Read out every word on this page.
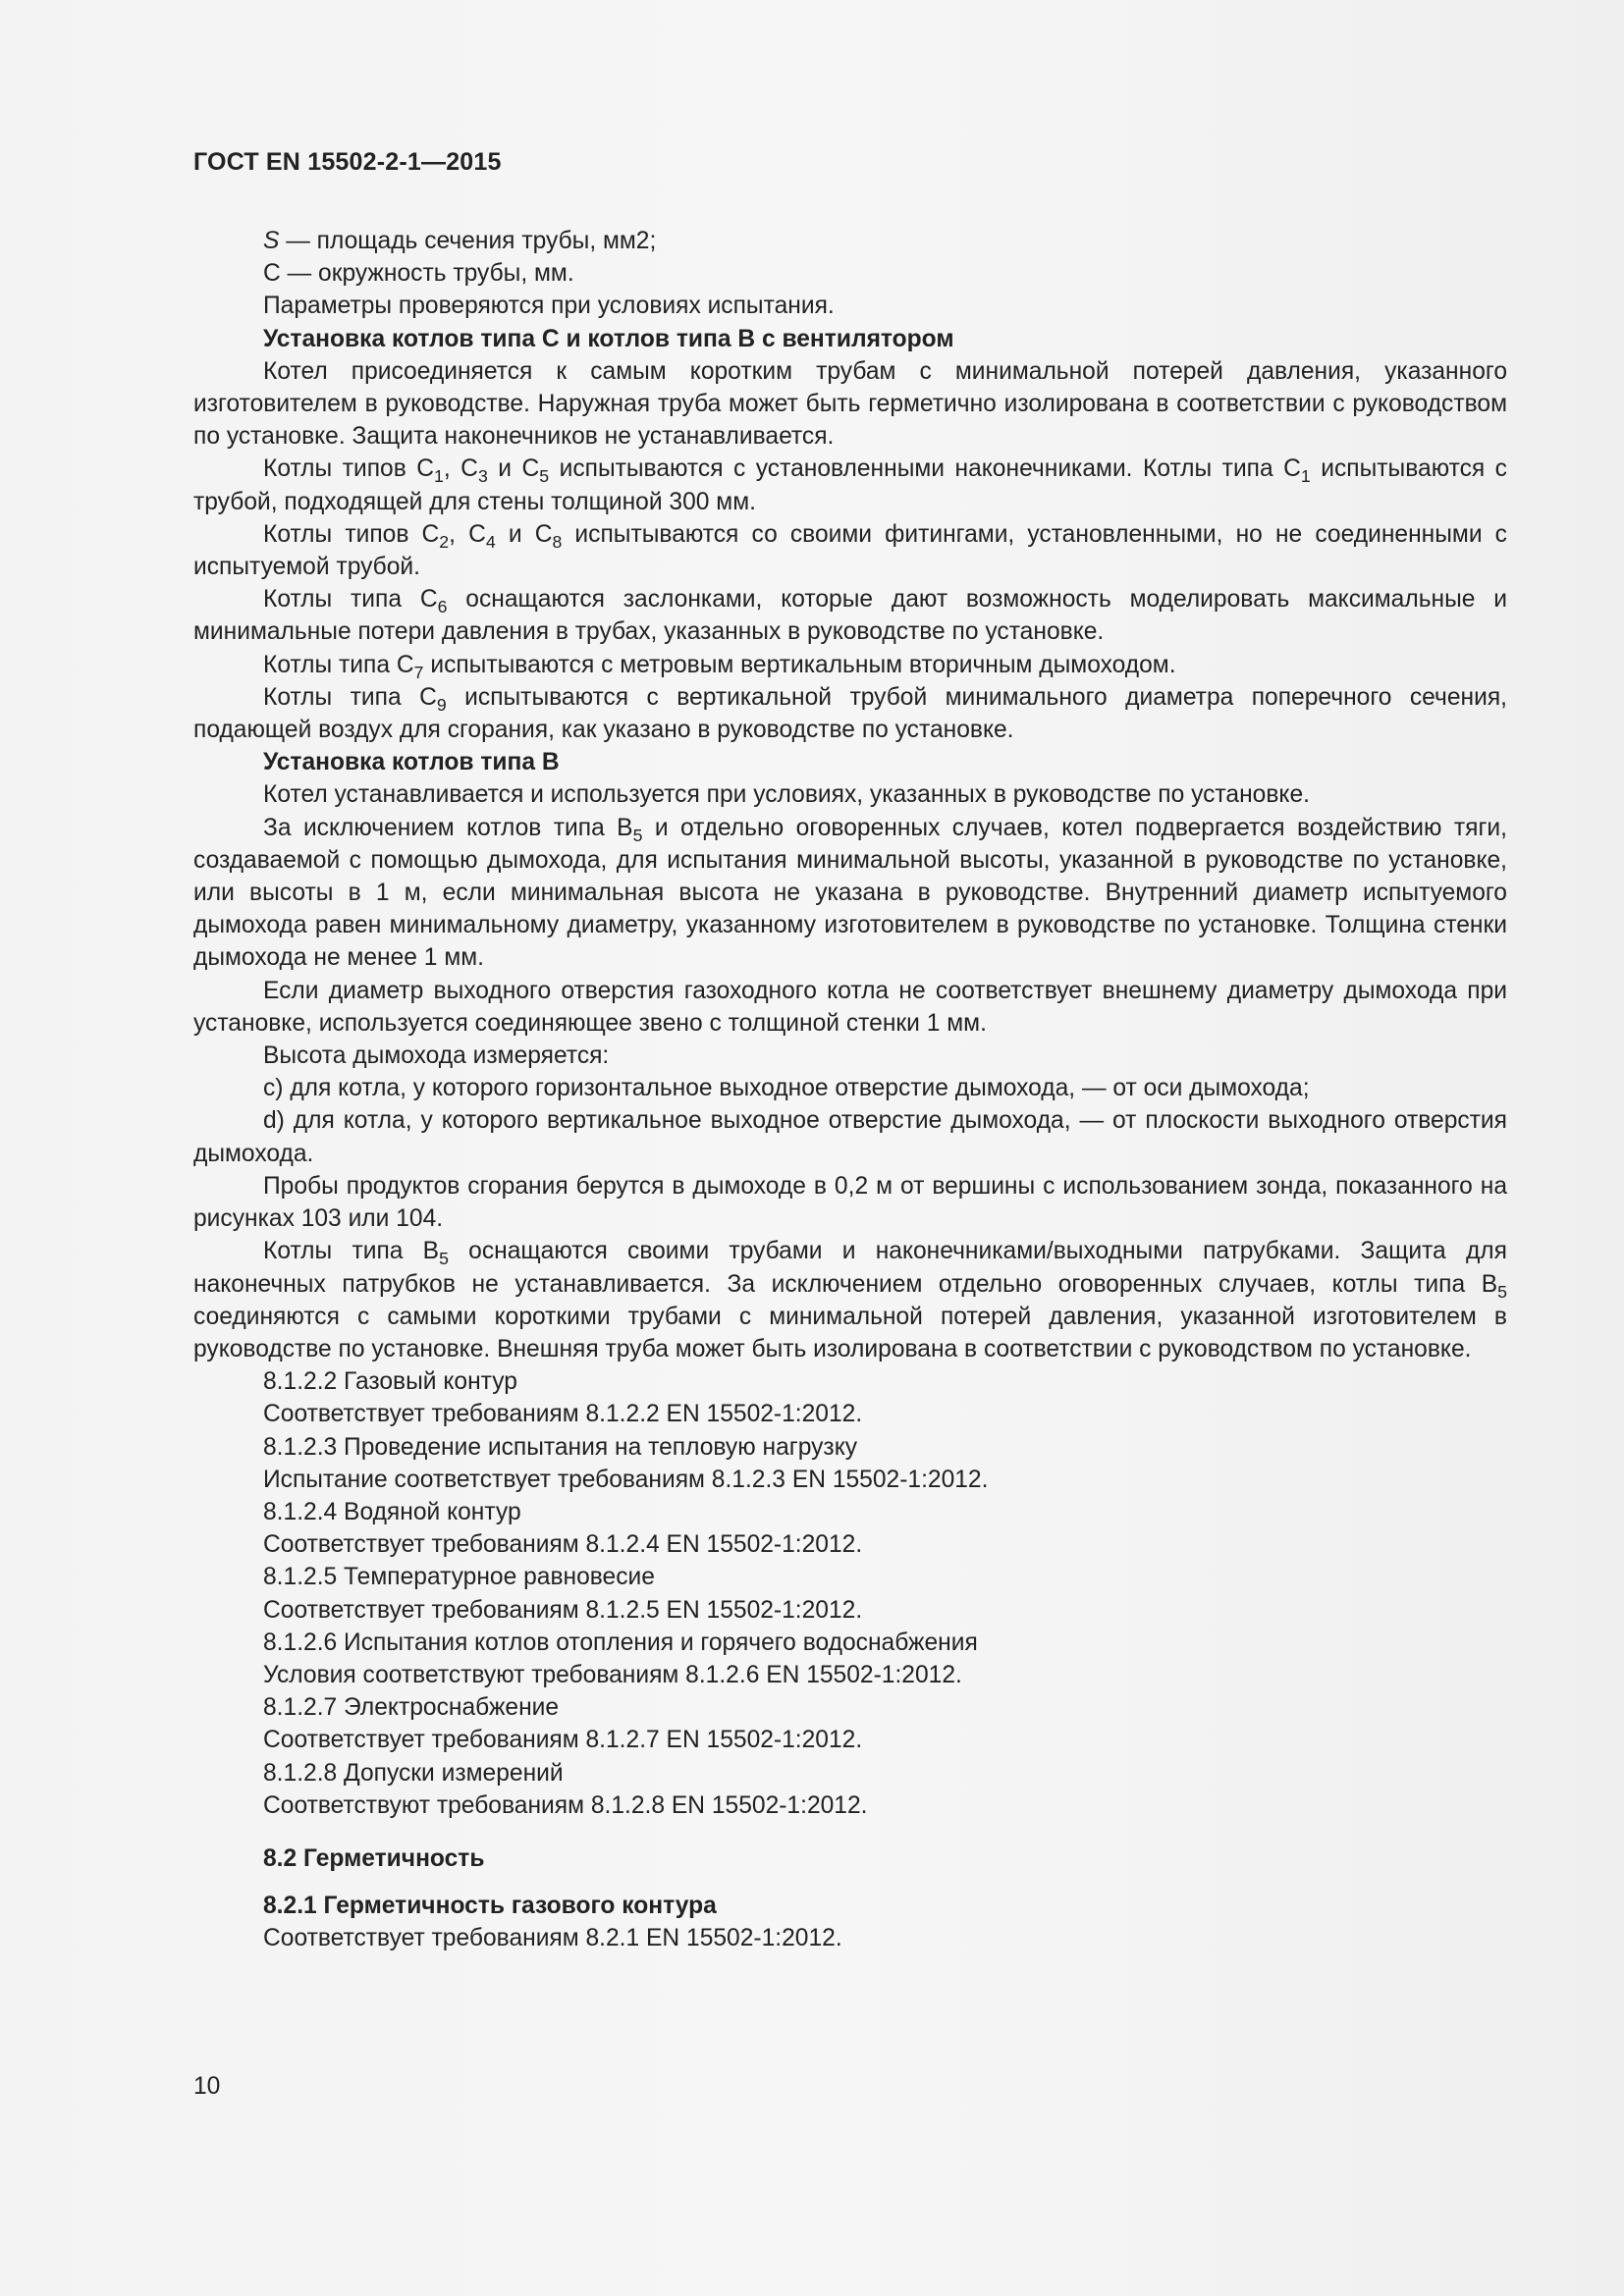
ГОСТ EN 15502-2-1—2015

S — площадь сечения трубы, мм2;

С — окружность трубы, мм.

Параметры проверяются при условиях испытания.

Установка котлов типа С и котлов типа В с вентилятором

Котел присоединяется к самым коротким трубам с минимальной потерей давления, указанного изготовителем в руководстве. Наружная труба может быть герметично изолирована в соответствии с руководством по установке. Защита наконечников не устанавливается.

Котлы типов $С_1$, $С_3$ и $С_5$ испытываются с установленными наконечниками. Котлы типа $С_1$ испытываются с трубой, подходящей для стены толщиной 300 мм.

Котлы типов $С_2$, $С_4$ и $С_8$ испытываются со своими фитингами, установленными, но не соединенными с испытуемой трубой.

Котлы типа $С_6$ оснащаются заслонками, которые дают возможность моделировать максимальные и минимальные потери давления в трубах, указанных в руководстве по установке.

Котлы типа $С_7$ испытываются с метровым вертикальным вторичным дымоходом.

Котлы типа $С_9$ испытываются с вертикальной трубой минимального диаметра поперечного сечения, подающей воздух для сгорания, как указано в руководстве по установке.

Установка котлов типа В

Котел устанавливается и используется при условиях, указанных в руководстве по установке.

За исключением котлов типа $В_5$ и отдельно оговоренных случаев, котел подвергается воздействию тяги, создаваемой с помощью дымохода, для испытания минимальной высоты, указанной в руководстве по установке, или высоты в 1 м, если минимальная высота не указана в руководстве. Внутренний диаметр испытуемого дымохода равен минимальному диаметру, указанному изготовителем в руководстве по установке. Толщина стенки дымохода не менее 1 мм.

Если диаметр выходного отверстия газоходного котла не соответствует внешнему диаметру дымохода при установке, используется соединяющее звено с толщиной стенки 1 мм.

Высота дымохода измеряется:

c) для котла, у которого горизонтальное выходное отверстие дымохода, — от оси дымохода;

d) для котла, у которого вертикальное выходное отверстие дымохода, — от плоскости выходного отверстия дымохода.

Пробы продуктов сгорания берутся в дымоходе в 0,2 м от вершины с использованием зонда, показанного на рисунках 103 или 104.

Котлы типа $В_5$ оснащаются своими трубами и наконечниками/выходными патрубками. Защита для наконечных патрубков не устанавливается. За исключением отдельно оговоренных случаев, котлы типа $В_5$ соединяются с самыми короткими трубами с минимальной потерей давления, указанной изготовителем в руководстве по установке. Внешняя труба может быть изолирована в соответствии с руководством по установке.

8.1.2.2 Газовый контур

Соответствует требованиям 8.1.2.2 EN 15502-1:2012.

8.1.2.3 Проведение испытания на тепловую нагрузку

Испытание соответствует требованиям 8.1.2.3 EN 15502-1:2012.

8.1.2.4 Водяной контур

Соответствует требованиям 8.1.2.4 EN 15502-1:2012.

8.1.2.5 Температурное равновесие

Соответствует требованиям 8.1.2.5 EN 15502-1:2012.

8.1.2.6 Испытания котлов отопления и горячего водоснабжения

Условия соответствуют требованиям 8.1.2.6 EN 15502-1:2012.

8.1.2.7 Электроснабжение

Соответствует требованиям 8.1.2.7 EN 15502-1:2012.

8.1.2.8 Допуски измерений

Соответствуют требованиям 8.1.2.8 EN 15502-1:2012.

8.2 Герметичность

8.2.1 Герметичность газового контура

Соответствует требованиям 8.2.1 EN 15502-1:2012.

10
